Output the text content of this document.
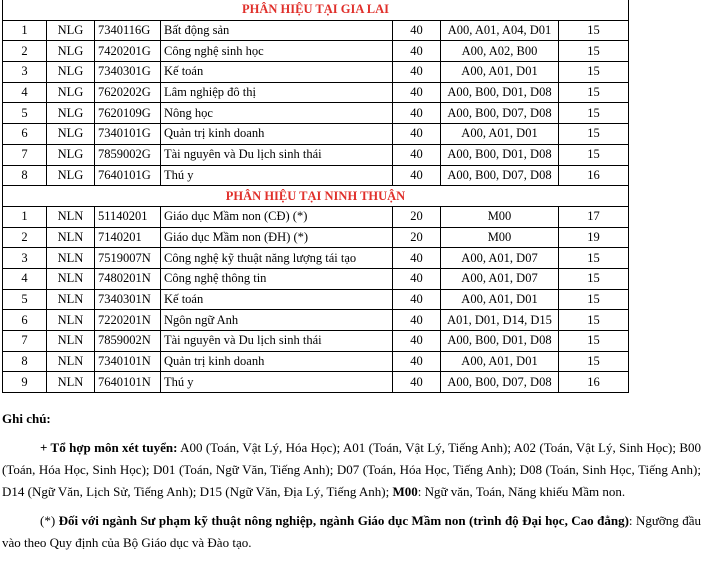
PHÂN HIỆU TẠI GIA LAI						
1	NLG	7340116G	Bất động sản	40	A00, A01, A04, D01	15
2	NLG	7420201G	Công nghệ sinh học	40	A00, A02, B00	15
3	NLG	7340301G	Kế toán	40	A00, A01, D01	15
4	NLG	7620202G	Lâm nghiệp đô thị	40	A00, B00, D01, D08	15
5	NLG	7620109G	Nông học	40	A00, B00, D07, D08	15
6	NLG	7340101G	Quản trị kinh doanh	40	A00, A01, D01	15
7	NLG	7859002G	Tài nguyên và Du lịch sinh thái	40	A00, B00, D01, D08	15
8	NLG	7640101G	Thú y	40	A00, B00, D07, D08	16
PHÂN HIỆU TẠI NINH THUẬN						
1	NLN	51140201	Giáo dục Mầm non (CĐ) (*)	20	M00	17
2	NLN	7140201	Giáo dục Mầm non (ĐH) (*)	20	M00	19
3	NLN	7519007N	Công nghệ kỹ thuật năng lượng tái tạo	40	A00, A01, D07	15
4	NLN	7480201N	Công nghệ thông tin	40	A00, A01, D07	15
5	NLN	7340301N	Kế toán	40	A00, A01, D01	15
6	NLN	7220201N	Ngôn ngữ Anh	40	A01, D01, D14, D15	15
7	NLN	7859002N	Tài nguyên và Du lịch sinh thái	40	A00, B00, D01, D08	15
8	NLN	7340101N	Quản trị kinh doanh	40	A00, A01, D01	15
9	NLN	7640101N	Thú y	40	A00, B00, D07, D08	16

Ghi chú:

+ Tổ hợp môn xét tuyển: A00 (Toán, Vật Lý, Hóa Học); A01 (Toán, Vật Lý, Tiếng Anh); A02 (Toán, Vật Lý, Sinh Học); B00 (Toán, Hóa Học, Sinh Học); D01 (Toán, Ngữ Văn, Tiếng Anh); D07 (Toán, Hóa Học, Tiếng Anh); D08 (Toán, Sinh Học, Tiếng Anh); D14 (Ngữ Văn, Lịch Sử, Tiếng Anh); D15 (Ngữ Văn, Địa Lý, Tiếng Anh); M00: Ngữ văn, Toán, Năng khiếu Mầm non.

(*) Đối với ngành Sư phạm kỹ thuật nông nghiệp, ngành Giáo dục Mầm non (trình độ Đại học, Cao đẳng): Ngưỡng đầu vào theo Quy định của Bộ Giáo dục và Đào tạo.
